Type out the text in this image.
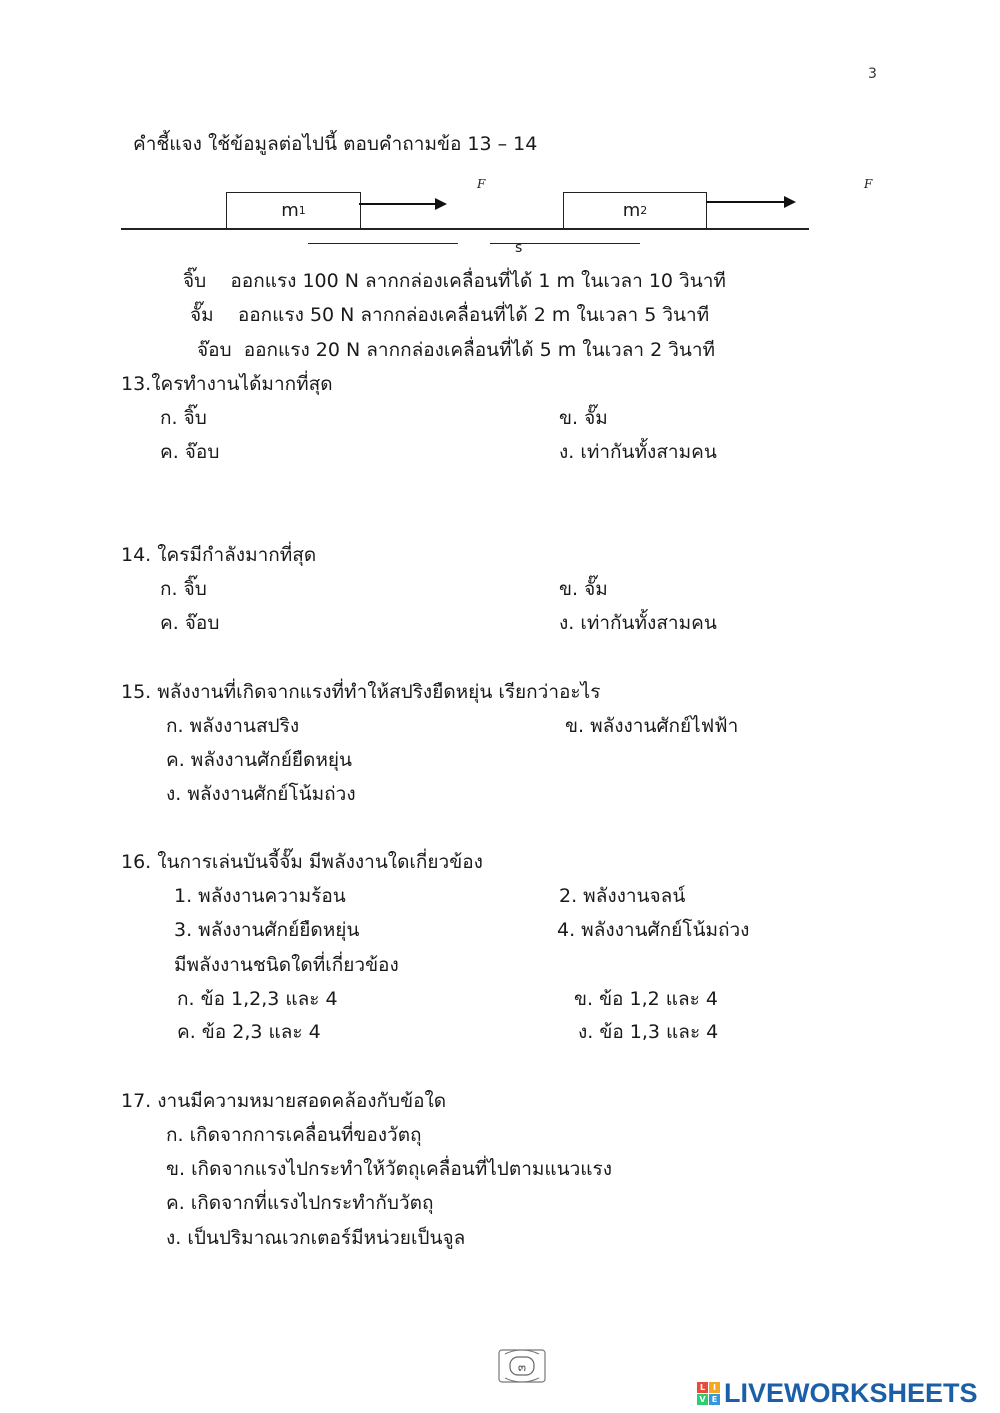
3
คำชี้แจง ใช้ข้อมูลต่อไปนี้ ตอบคำถามข้อ 13 – 14
m 1
F
m 2
F
s
จิ๊บ ออกแรง 100 N ลากกล่องเคลื่อนที่ได้ 1 m ในเวลา 10 วินาที
จั๊ม ออกแรง 50 N ลากกล่องเคลื่อนที่ได้ 2 m ในเวลา 5 วินาที
จ๊อบ ออกแรง 20 N ลากกล่องเคลื่อนที่ได้ 5 m ในเวลา 2 วินาที
13.ใครทำงานได้มากที่สุด
ก. จิ๊บ	ข. จั๊ม
ค. จ๊อบ	ง. เท่ากันทั้งสามคน
14. ใครมีกำลังมากที่สุด
ก. จิ๊บ	ข. จั๊ม
ค. จ๊อบ	ง. เท่ากันทั้งสามคน
15. พลังงานที่เกิดจากแรงที่ทำให้สปริงยืดหยุ่น เรียกว่าอะไร
ก. พลังงานสปริง	ข. พลังงานศักย์ไฟฟ้า
ค. พลังงานศักย์ยืดหยุ่น
ง. พลังงานศักย์โน้มถ่วง
16. ในการเล่นบันจี้จั๊ม มีพลังงานใดเกี่ยวข้อง
1. พลังงานความร้อน	2. พลังงานจลน์
3. พลังงานศักย์ยืดหยุ่น	4. พลังงานศักย์โน้มถ่วง
มีพลังงานชนิดใดที่เกี่ยวข้อง
ก. ข้อ 1,2,3 และ 4	ข. ข้อ 1,2 และ 4
ค. ข้อ 2,3 และ 4	ง. ข้อ 1,3 และ 4
17. งานมีความหมายสอดคล้องกับข้อใด
ก. เกิดจากการเคลื่อนที่ของวัตถุ
ข. เกิดจากแรงไปกระทำให้วัตถุเคลื่อนที่ไปตามแนวแรง
ค. เกิดจากที่แรงไปกระทำกับวัตถุ
ง. เป็นปริมาณเวกเตอร์มีหน่วยเป็นจูล
๓
L I
V E LIVEWORKSHEETS
